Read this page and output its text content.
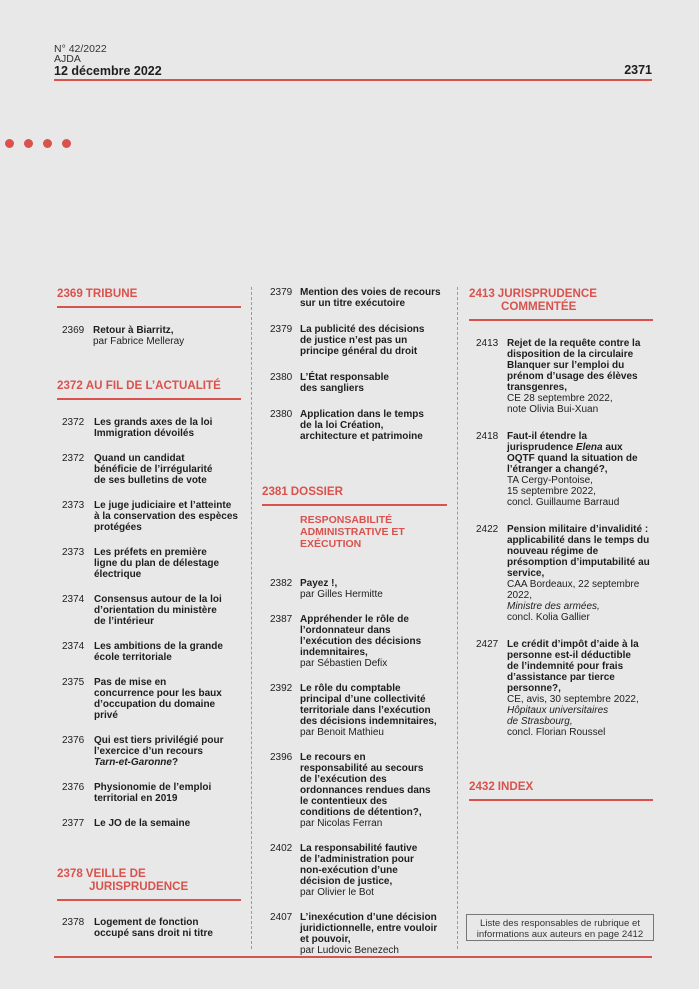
N° 42/2022
AJDA
12 décembre 2022	2371
2369 TRIBUNE
2369 Retour à Biarritz,
par Fabrice Melleray
2372 AU FIL DE L’ACTUALITÉ
2372 Les grands axes de la loi Immigration dévoilés
2372 Quand un candidat bénéficie de l’irrégularité de ses bulletins de vote
2373 Le juge judiciaire et l’atteinte à la conservation des espèces protégées
2373 Les préfets en première ligne du plan de délestage électrique
2374 Consensus autour de la loi d’orientation du ministère de l’intérieur
2374 Les ambitions de la grande école territoriale
2375 Pas de mise en concurrence pour les baux d’occupation du domaine privé
2376 Qui est tiers privilégié pour l’exercice d’un recours Tarn-et-Garonne?
2376 Physionomie de l’emploi territorial en 2019
2377 Le JO de la semaine
2378 VEILLE DE
JURISPRUDENCE
2378 Logement de fonction occupé sans droit ni titre
2379 Mention des voies de recours sur un titre exécutoire
2379 La publicité des décisions de justice n’est pas un principe général du droit
2380 L’État responsable des sangliers
2380 Application dans le temps de la loi Création, architecture et patrimoine
2381 DOSSIER
RESPONSABILITÉ ADMINISTRATIVE ET EXÉCUTION
2382 Payez !,
par Gilles Hermitte
2387 Appréhender le rôle de l’ordonnateur dans l’exécution des décisions indemnitaires,
par Sébastien Defix
2392 Le rôle du comptable principal d’une collectivité territoriale dans l’exécution des décisions indemnitaires,
par Benoit Mathieu
2396 Le recours en responsabilité au secours de l’exécution des ordonnances rendues dans le contentieux des conditions de détention?,
par Nicolas Ferran
2402 La responsabilité fautive de l’administration pour non-exécution d’une décision de justice,
par Olivier le Bot
2407 L’inexécution d’une décision juridictionnelle, entre vouloir et pouvoir,
par Ludovic Benezech
2413 JURISPRUDENCE
COMMENTÉE
2413 Rejet de la requête contre la disposition de la circulaire Blanquer sur l’emploi du prénom d’usage des élèves transgenres,
CE 28 septembre 2022,
note Olivia Bui-Xuan
2418 Faut-il étendre la jurisprudence Elena aux OQTF quand la situation de l’étranger a changé?,
TA Cergy-Pontoise,
15 septembre 2022,
concl. Guillaume Barraud
2422 Pension militaire d’invalidité : applicabilité dans le temps du nouveau régime de présomption d’imputabilité au service,
CAA Bordeaux, 22 septembre 2022,
Ministre des armées,
concl. Kolia Gallier
2427 Le crédit d’impôt d’aide à la personne est-il déductible de l’indemnité pour frais d’assistance par tierce personne?,
CE, avis, 30 septembre 2022,
Hôpitaux universitaires de Strasbourg,
concl. Florian Roussel
2432 INDEX
Liste des responsables de rubrique et informations aux auteurs en page 2412
